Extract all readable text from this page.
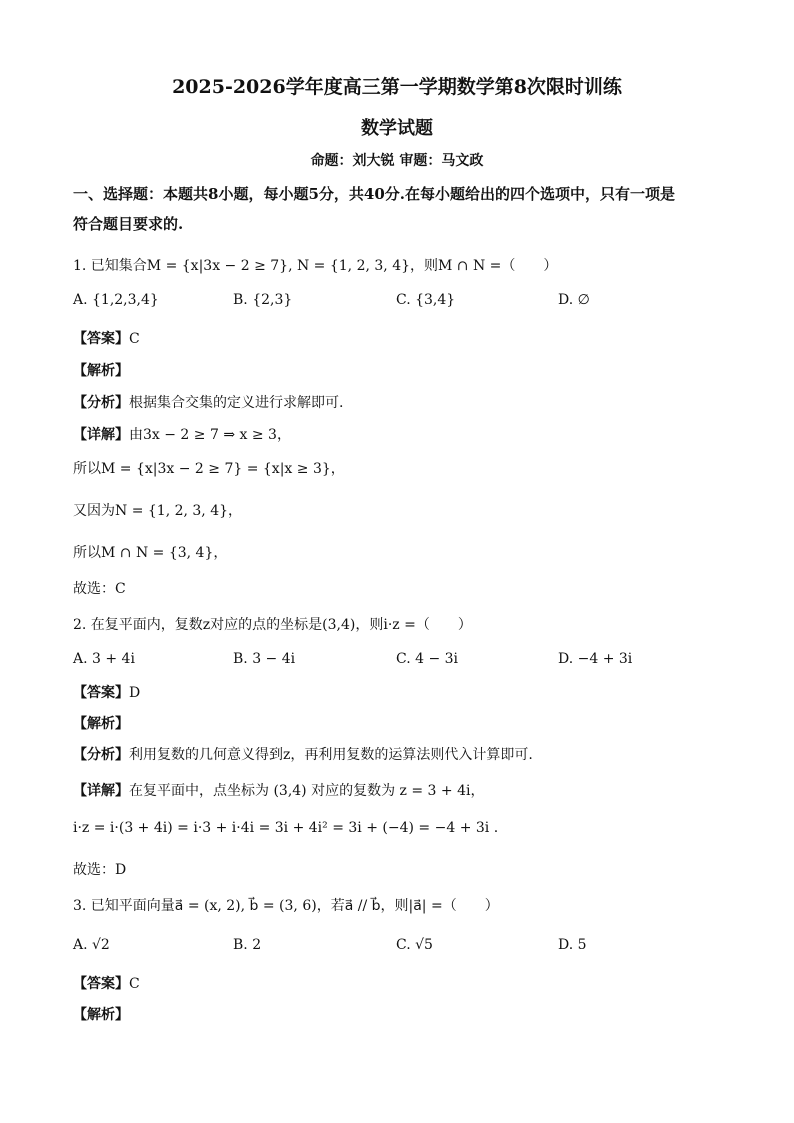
2025-2026学年度高三第一学期数学第8次限时训练
数学试题
命题：刘大锐 审题：马文政
一、选择题：本题共8小题，每小题5分，共40分.在每小题给出的四个选项中，只有一项是
符合题目要求的.
1. 已知集合M = {x|3x − 2 ≥ 7}, N = {1, 2, 3, 4}，则M ∩ N =（　　）
A. {1,2,3,4}	B. {2,3}	C. {3,4}	D. ∅
【答案】C
【解析】
【分析】根据集合交集的定义进行求解即可.
【详解】由3x − 2 ≥ 7 ⇒ x ≥ 3，
所以M = {x|3x − 2 ≥ 7} = {x|x ≥ 3}，
又因为N = {1, 2, 3, 4}，
所以M ∩ N = {3, 4}，
故选：C
2. 在复平面内，复数z对应的点的坐标是(3,4)，则i·z =（　　）
A. 3 + 4i	B. 3 − 4i	C. 4 − 3i	D. −4 + 3i
【答案】D
【解析】
【分析】利用复数的几何意义得到z，再利用复数的运算法则代入计算即可.
【详解】在复平面中，点坐标为 (3,4) 对应的复数为 z = 3 + 4i，
i·z = i·(3 + 4i) = i·3 + i·4i = 3i + 4i² = 3i + (−4) = −4 + 3i .
故选：D
3. 已知平面向量a⃗ = (x, 2), b⃗ = (3, 6)，若a⃗ // b⃗，则|a⃗| =（　　）
A. √2	B. 2	C. √5	D. 5
【答案】C
【解析】
